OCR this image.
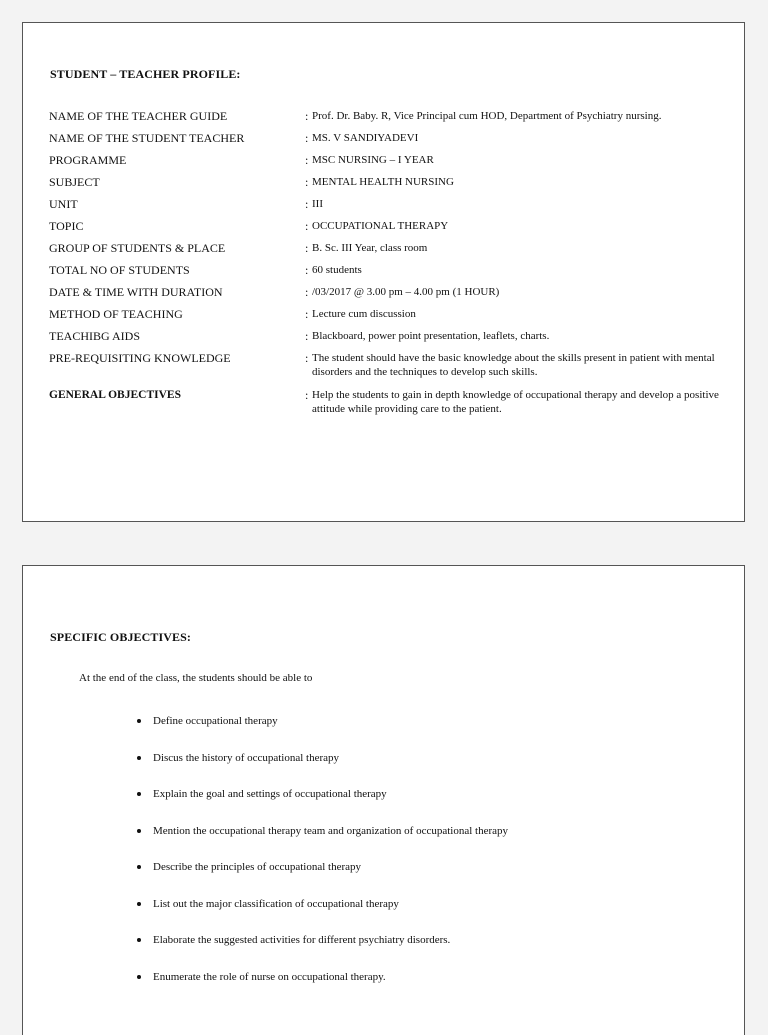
STUDENT – TEACHER PROFILE:
NAME OF THE TEACHER GUIDE	: Prof. Dr. Baby. R, Vice Principal cum HOD, Department of Psychiatry nursing.
NAME OF THE STUDENT TEACHER	: MS. V SANDIYADEVI
PROGRAMME	: MSC NURSING – I YEAR
SUBJECT	: MENTAL HEALTH NURSING
UNIT	: III
TOPIC	: OCCUPATIONAL THERAPY
GROUP OF STUDENTS & PLACE	: B. Sc. III Year, class room
TOTAL NO OF STUDENTS	: 60 students
DATE & TIME WITH DURATION	: /03/2017 @ 3.00 pm – 4.00 pm (1 HOUR)
METHOD OF TEACHING	: Lecture cum discussion
TEACHIBG AIDS	: Blackboard, power point presentation, leaflets, charts.
PRE-REQUISITING KNOWLEDGE	: The student should have the basic knowledge about the skills present in patient with mental disorders and the techniques to develop such skills.
GENERAL OBJECTIVES	: Help the students to gain in depth knowledge of occupational therapy and develop a positive attitude while providing care to the patient.
SPECIFIC OBJECTIVES:
At the end of the class, the students should be able to
Define occupational therapy
Discus the history of occupational therapy
Explain the goal and settings of occupational therapy
Mention the occupational therapy team and organization of occupational therapy
Describe the principles of occupational therapy
List out the major classification of occupational therapy
Elaborate the suggested activities for different psychiatry disorders.
Enumerate the role of nurse on occupational therapy.
